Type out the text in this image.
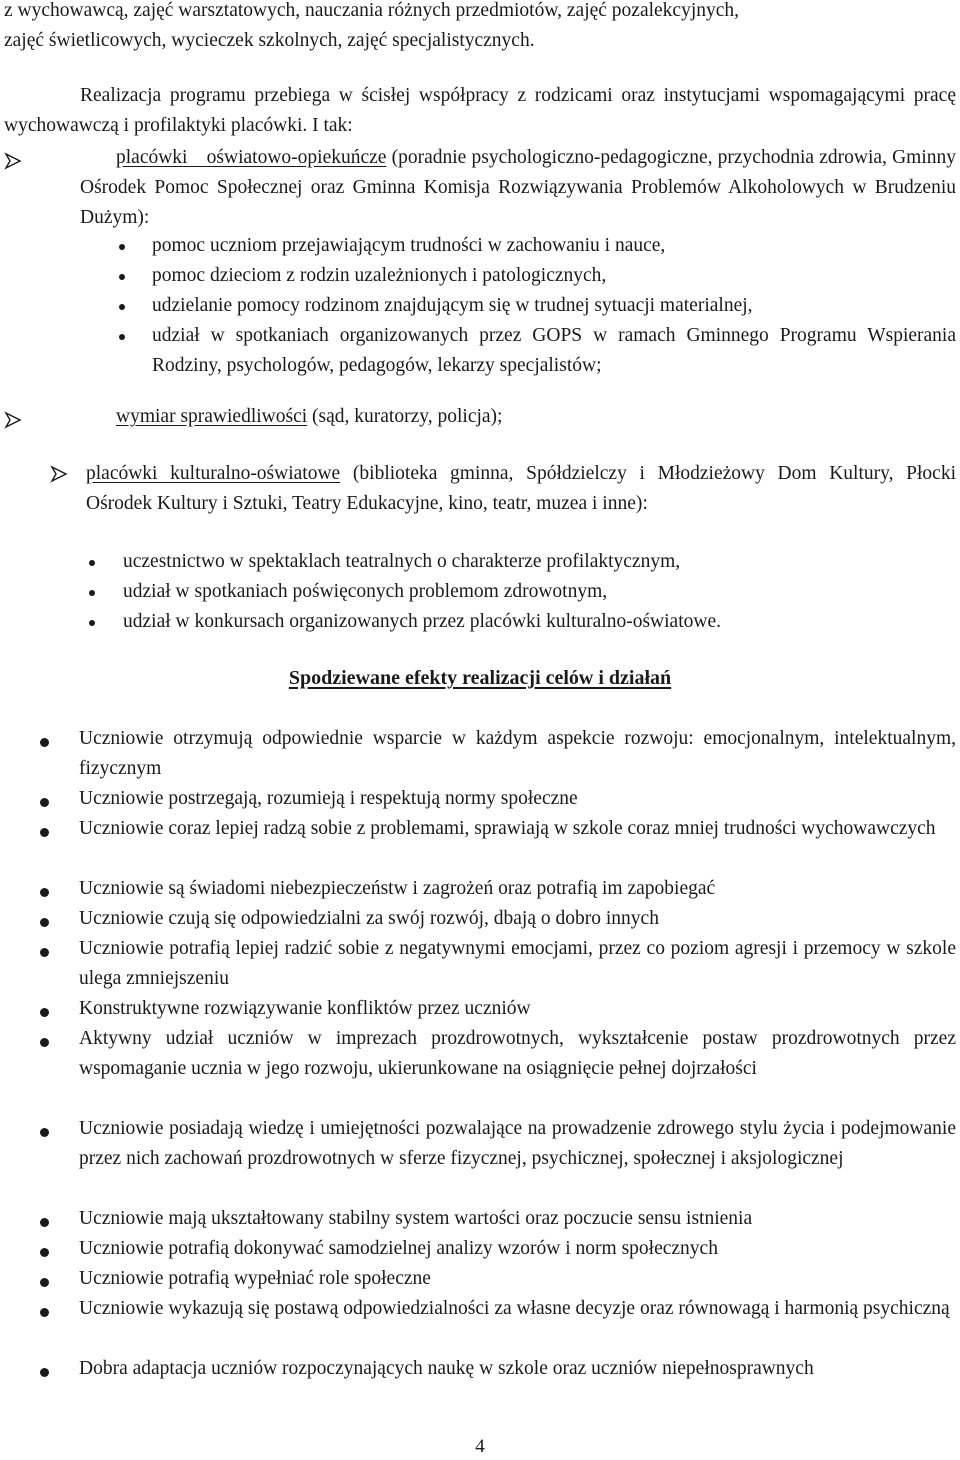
z wychowawcą, zajęć warsztatowych, nauczania różnych przedmiotów, zajęć pozalekcyjnych,
zajęć świetlicowych, wycieczek szkolnych, zajęć specjalistycznych.
Realizacja programu przebiega w ścisłej współpracy z rodzicami oraz instytucjami wspomagającymi pracę wychowawczą i profilaktyki placówki. I tak:
placówki oświatowo-opiekuńcze (poradnie psychologiczno-pedagogiczne, przychodnia zdrowia, Gminny Ośrodek Pomoc Społecznej oraz Gminna Komisja Rozwiązywania Problemów Alkoholowych w Brudzeniu Dużym):
pomoc uczniom przejawiającym trudności w zachowaniu i nauce,
pomoc dzieciom z rodzin uzależnionych i patologicznych,
udzielanie pomocy rodzinom znajdującym się w trudnej sytuacji materialnej,
udział w spotkaniach organizowanych przez GOPS w ramach Gminnego Programu Wspierania Rodziny, psychologów, pedagogów, lekarzy specjalistów;
wymiar sprawiedliwości (sąd, kuratorzy, policja);
placówki kulturalno-oświatowe (biblioteka gminna, Spółdzielczy i Młodzieżowy Dom Kultury, Płocki Ośrodek Kultury i Sztuki, Teatry Edukacyjne, kino, teatr, muzea i inne):
uczestnictwo w spektaklach teatralnych o charakterze profilaktycznym,
udział w spotkaniach poświęconych problemom zdrowotnym,
udział w konkursach organizowanych przez placówki kulturalno-oświatowe.
Spodziewane efekty realizacji celów i działań
Uczniowie otrzymują odpowiednie wsparcie w każdym aspekcie rozwoju: emocjonalnym, intelektualnym, fizycznym
Uczniowie postrzegają, rozumieją i respektują normy społeczne
Uczniowie coraz lepiej radzą sobie z problemami, sprawiają w szkole coraz mniej trudności wychowawczych
Uczniowie są świadomi niebezpieczeństw i zagrożeń oraz potrafią im zapobiegać
Uczniowie czują się odpowiedzialni za swój rozwój, dbają o dobro innych
Uczniowie potrafią lepiej radzić sobie z negatywnymi emocjami, przez co poziom agresji i przemocy w szkole ulega zmniejszeniu
Konstruktywne rozwiązywanie konfliktów przez uczniów
Aktywny udział uczniów w imprezach prozdrowotnych, wykształcenie postaw prozdrowotnych przez wspomaganie ucznia w jego rozwoju, ukierunkowane na osiągnięcie pełnej dojrzałości
Uczniowie posiadają wiedzę i umiejętności pozwalające na prowadzenie zdrowego stylu życia i podejmowanie przez nich zachowań prozdrowotnych w sferze fizycznej, psychicznej, społecznej i aksjologicznej
Uczniowie mają ukształtowany stabilny system wartości oraz poczucie sensu istnienia
Uczniowie potrafią dokonywać samodzielnej analizy wzorów i norm społecznych
Uczniowie potrafią wypełniać role społeczne
Uczniowie wykazują się postawą odpowiedzialności za własne decyzje oraz równowagą i harmonią psychiczną
Dobra adaptacja uczniów rozpoczynających naukę w szkole oraz uczniów niepełnosprawnych
4
